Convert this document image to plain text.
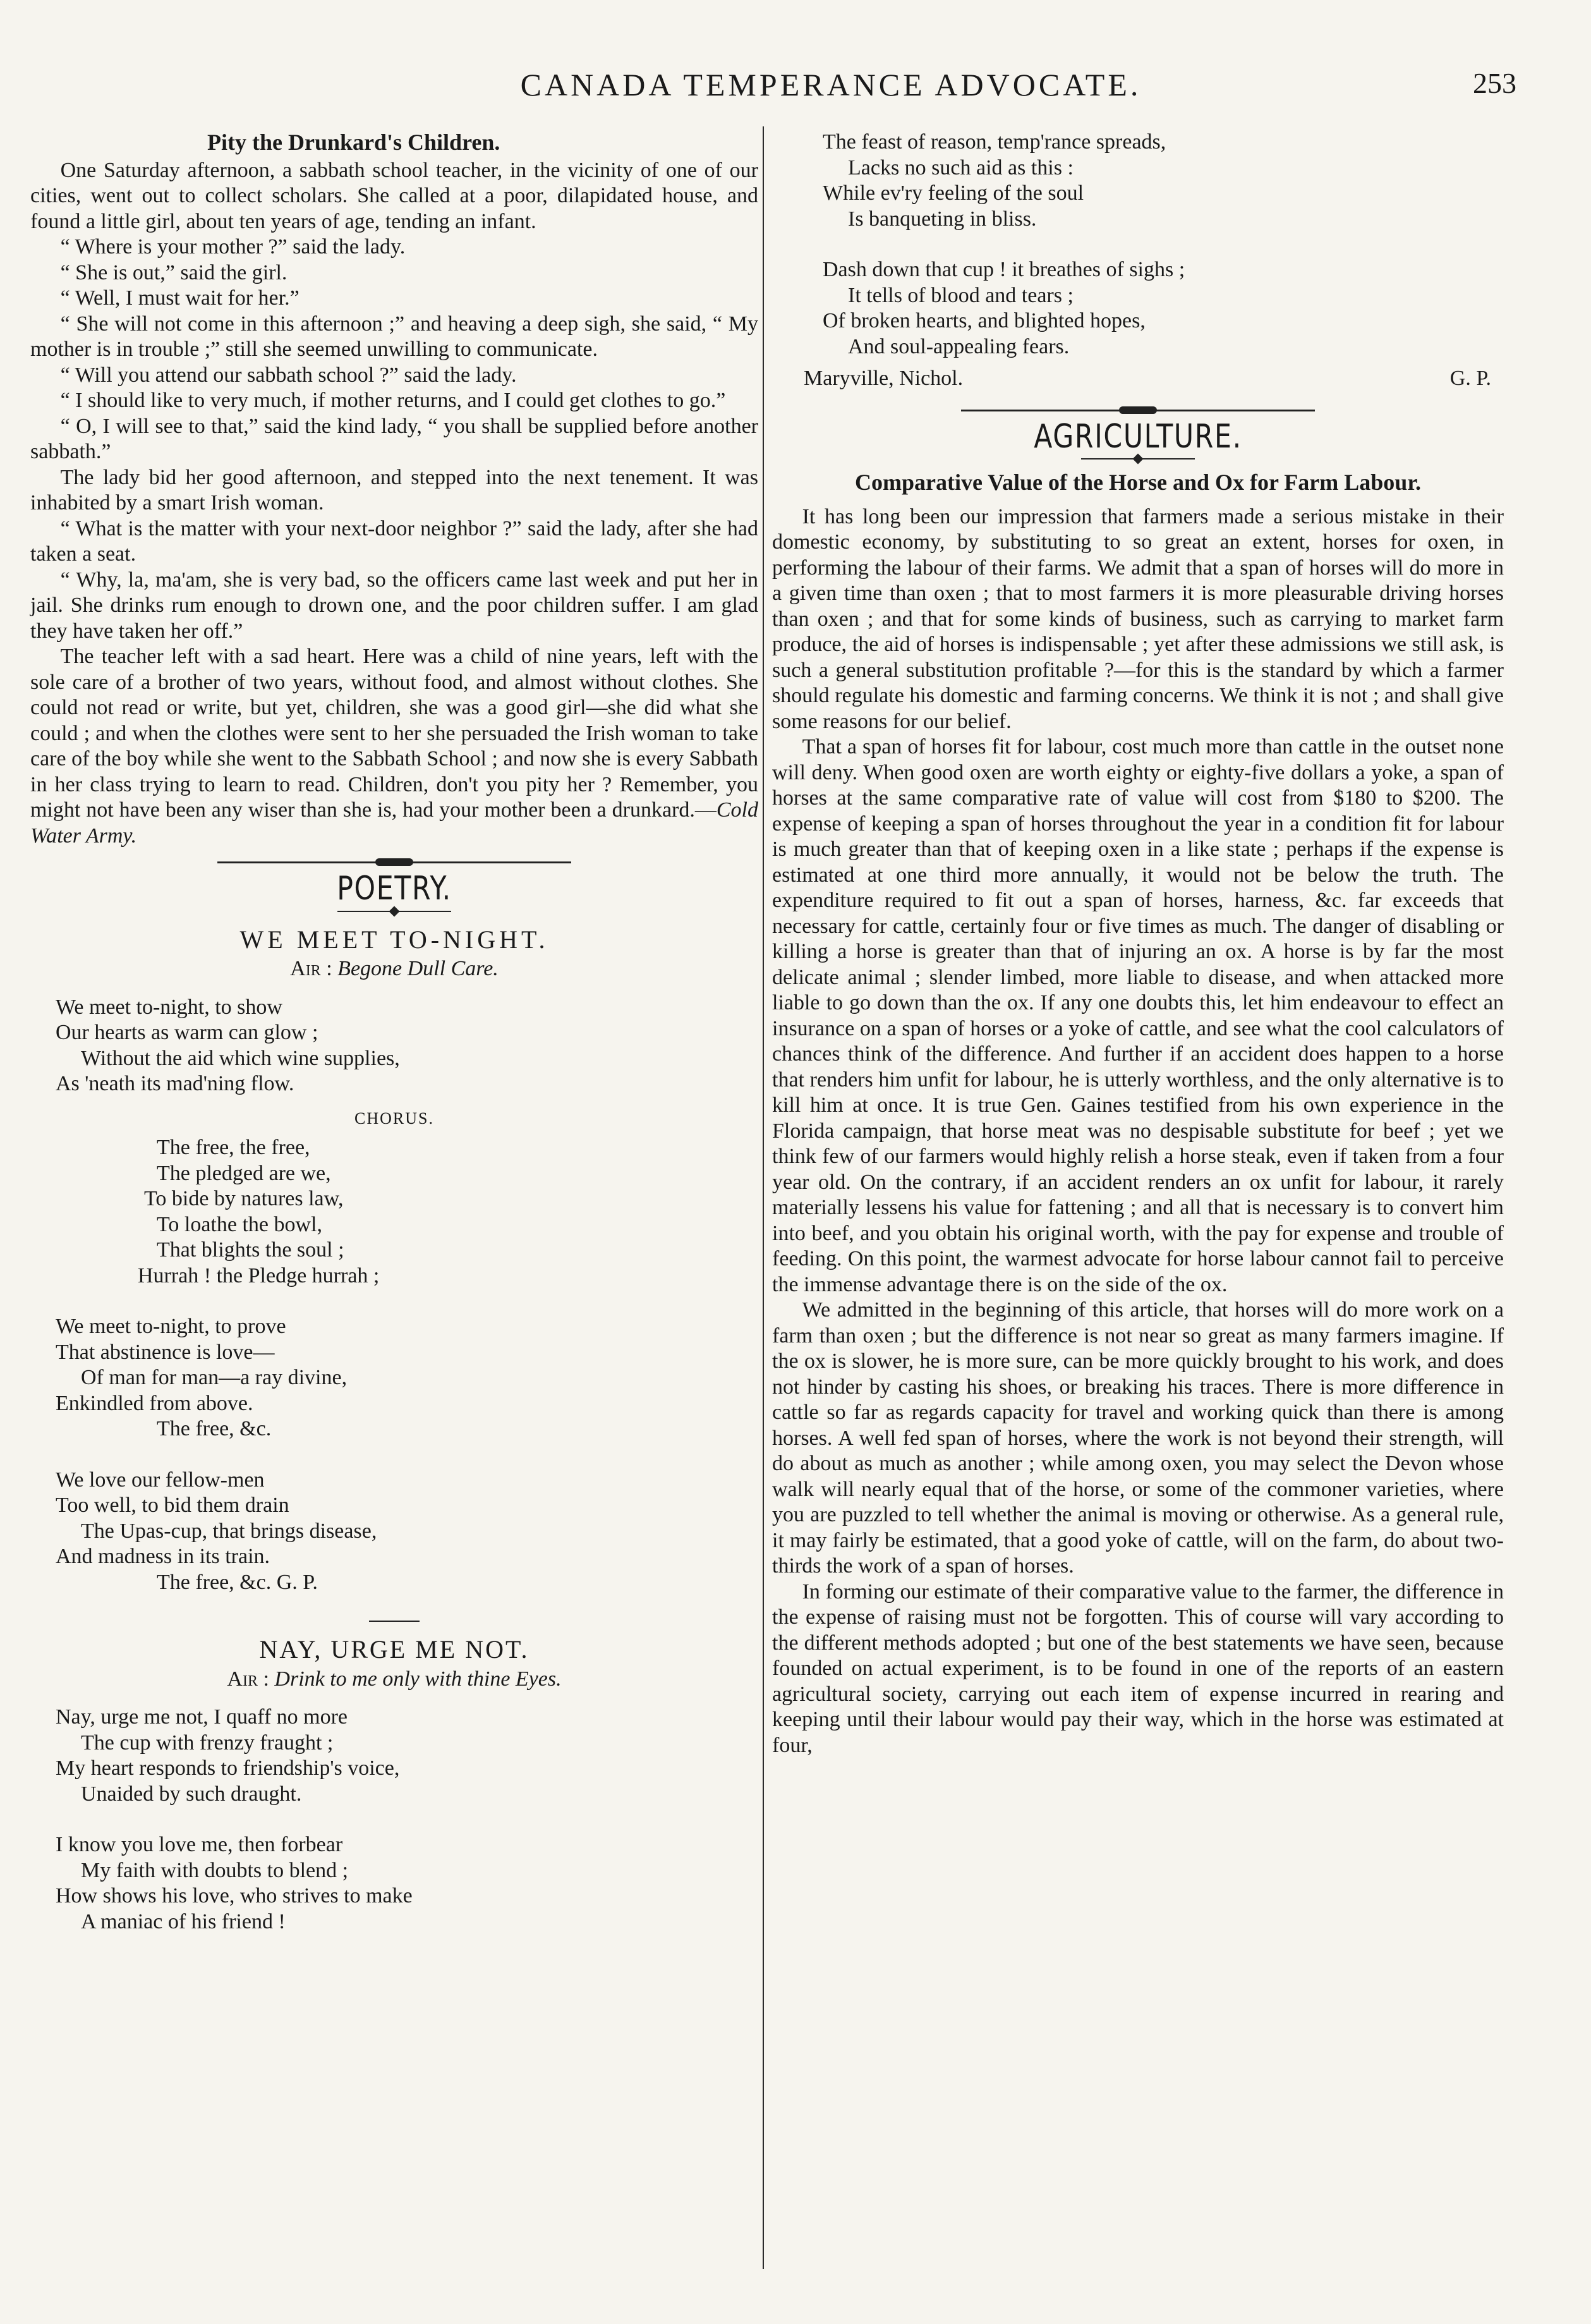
CANADA TEMPERANCE ADVOCATE.	253
Pity the Drunkard's Children.

One Saturday afternoon, a sabbath school teacher, in the vicinity of one of our cities, went out to collect scholars. She called at a poor, dilapidated house, and found a little girl, about ten years of age, tending an infant.

“ Where is your mother ?” said the lady.

“ She is out,” said the girl.

“ Well, I must wait for her.”

“ She will not come in this afternoon ;” and heaving a deep sigh, she said, “ My mother is in trouble ;” still she seemed unwilling to communicate.

“ Will you attend our sabbath school ?” said the lady.

“ I should like to very much, if mother returns, and I could get clothes to go.”

“ O, I will see to that,” said the kind lady, “ you shall be supplied before another sabbath.”

The lady bid her good afternoon, and stepped into the next tenement. It was inhabited by a smart Irish woman.

“ What is the matter with your next-door neighbor ?” said the lady, after she had taken a seat.

“ Why, la, ma'am, she is very bad, so the officers came last week and put her in jail. She drinks rum enough to drown one, and the poor children suffer. I am glad they have taken her off.”

The teacher left with a sad heart. Here was a child of nine years, left with the sole care of a brother of two years, without food, and almost without clothes. She could not read or write, but yet, children, she was a good girl—she did what she could ; and when the clothes were sent to her she persuaded the Irish woman to take care of the boy while she went to the Sabbath School ; and now she is every Sabbath in her class trying to learn to read. Children, don't you pity her ? Remember, you might not have been any wiser than she is, had your mother been a drunkard.—Cold Water Army.

POETRY.
WE MEET TO-NIGHT.
Air : Begone Dull Care.
We meet to-night, to show
Our hearts as warm can glow ;
Without the aid which wine supplies,
As 'neath its mad'ning flow.
CHORUS.
The free, the free,
The pledged are we,
To bide by natures law,
To loathe the bowl,
That blights the soul ;
Hurrah ! the Pledge hurrah ;
We meet to-night, to prove
That abstinence is love—
Of man for man—a ray divine,
Enkindled from above.
The free, &c.
We love our fellow-men
Too well, to bid them drain
The Upas-cup, that brings disease,
And madness in its train.
The free, &c. G. P.
NAY, URGE ME NOT.
Air : Drink to me only with thine Eyes.
Nay, urge me not, I quaff no more
The cup with frenzy fraught ;
My heart responds to friendship's voice,
Unaided by such draught.
I know you love me, then forbear
My faith with doubts to blend ;
How shows his love, who strives to make
A maniac of his friend !
The feast of reason, temp'rance spreads,
Lacks no such aid as this :
While ev'ry feeling of the soul
Is banqueting in bliss.
Dash down that cup ! it breathes of sighs ;
It tells of blood and tears ;
Of broken hearts, and blighted hopes,
And soul-appealing fears.
Maryville, Nichol.	G. P.
AGRICULTURE.
Comparative Value of the Horse and Ox for Farm Labour.

It has long been our impression that farmers made a serious mistake in their domestic economy, by substituting to so great an extent, horses for oxen, in performing the labour of their farms. We admit that a span of horses will do more in a given time than oxen ; that to most farmers it is more pleasurable driving horses than oxen ; and that for some kinds of business, such as carrying to market farm produce, the aid of horses is indispensable ; yet after these admissions we still ask, is such a general substitution profitable ?—for this is the standard by which a farmer should regulate his domestic and farming concerns. We think it is not ; and shall give some reasons for our belief.

That a span of horses fit for labour, cost much more than cattle in the outset none will deny. When good oxen are worth eighty or eighty-five dollars a yoke, a span of horses at the same comparative rate of value will cost from $180 to $200. The expense of keeping a span of horses throughout the year in a condition fit for labour is much greater than that of keeping oxen in a like state ; perhaps if the expense is estimated at one third more annually, it would not be below the truth. The expenditure required to fit out a span of horses, harness, &c. far exceeds that necessary for cattle, certainly four or five times as much. The danger of disabling or killing a horse is greater than that of injuring an ox. A horse is by far the most delicate animal ; slender limbed, more liable to disease, and when attacked more liable to go down than the ox. If any one doubts this, let him endeavour to effect an insurance on a span of horses or a yoke of cattle, and see what the cool calculators of chances think of the difference. And further if an accident does happen to a horse that renders him unfit for labour, he is utterly worthless, and the only alternative is to kill him at once. It is true Gen. Gaines testified from his own experience in the Florida campaign, that horse meat was no despisable substitute for beef ; yet we think few of our farmers would highly relish a horse steak, even if taken from a four year old. On the contrary, if an accident renders an ox unfit for labour, it rarely materially lessens his value for fattening ; and all that is necessary is to convert him into beef, and you obtain his original worth, with the pay for expense and trouble of feeding. On this point, the warmest advocate for horse labour cannot fail to perceive the immense advantage there is on the side of the ox.

We admitted in the beginning of this article, that horses will do more work on a farm than oxen ; but the difference is not near so great as many farmers imagine. If the ox is slower, he is more sure, can be more quickly brought to his work, and does not hinder by casting his shoes, or breaking his traces. There is more difference in cattle so far as regards capacity for travel and working quick than there is among horses. A well fed span of horses, where the work is not beyond their strength, will do about as much as another ; while among oxen, you may select the Devon whose walk will nearly equal that of the horse, or some of the commoner varieties, where you are puzzled to tell whether the animal is moving or otherwise. As a general rule, it may fairly be estimated, that a good yoke of cattle, will on the farm, do about two-thirds the work of a span of horses.

In forming our estimate of their comparative value to the farmer, the difference in the expense of raising must not be forgotten. This of course will vary according to the different methods adopted ; but one of the best statements we have seen, because founded on actual experiment, is to be found in one of the reports of an eastern agricultural society, carrying out each item of expense incurred in rearing and keeping until their labour would pay their way, which in the horse was estimated at four,
